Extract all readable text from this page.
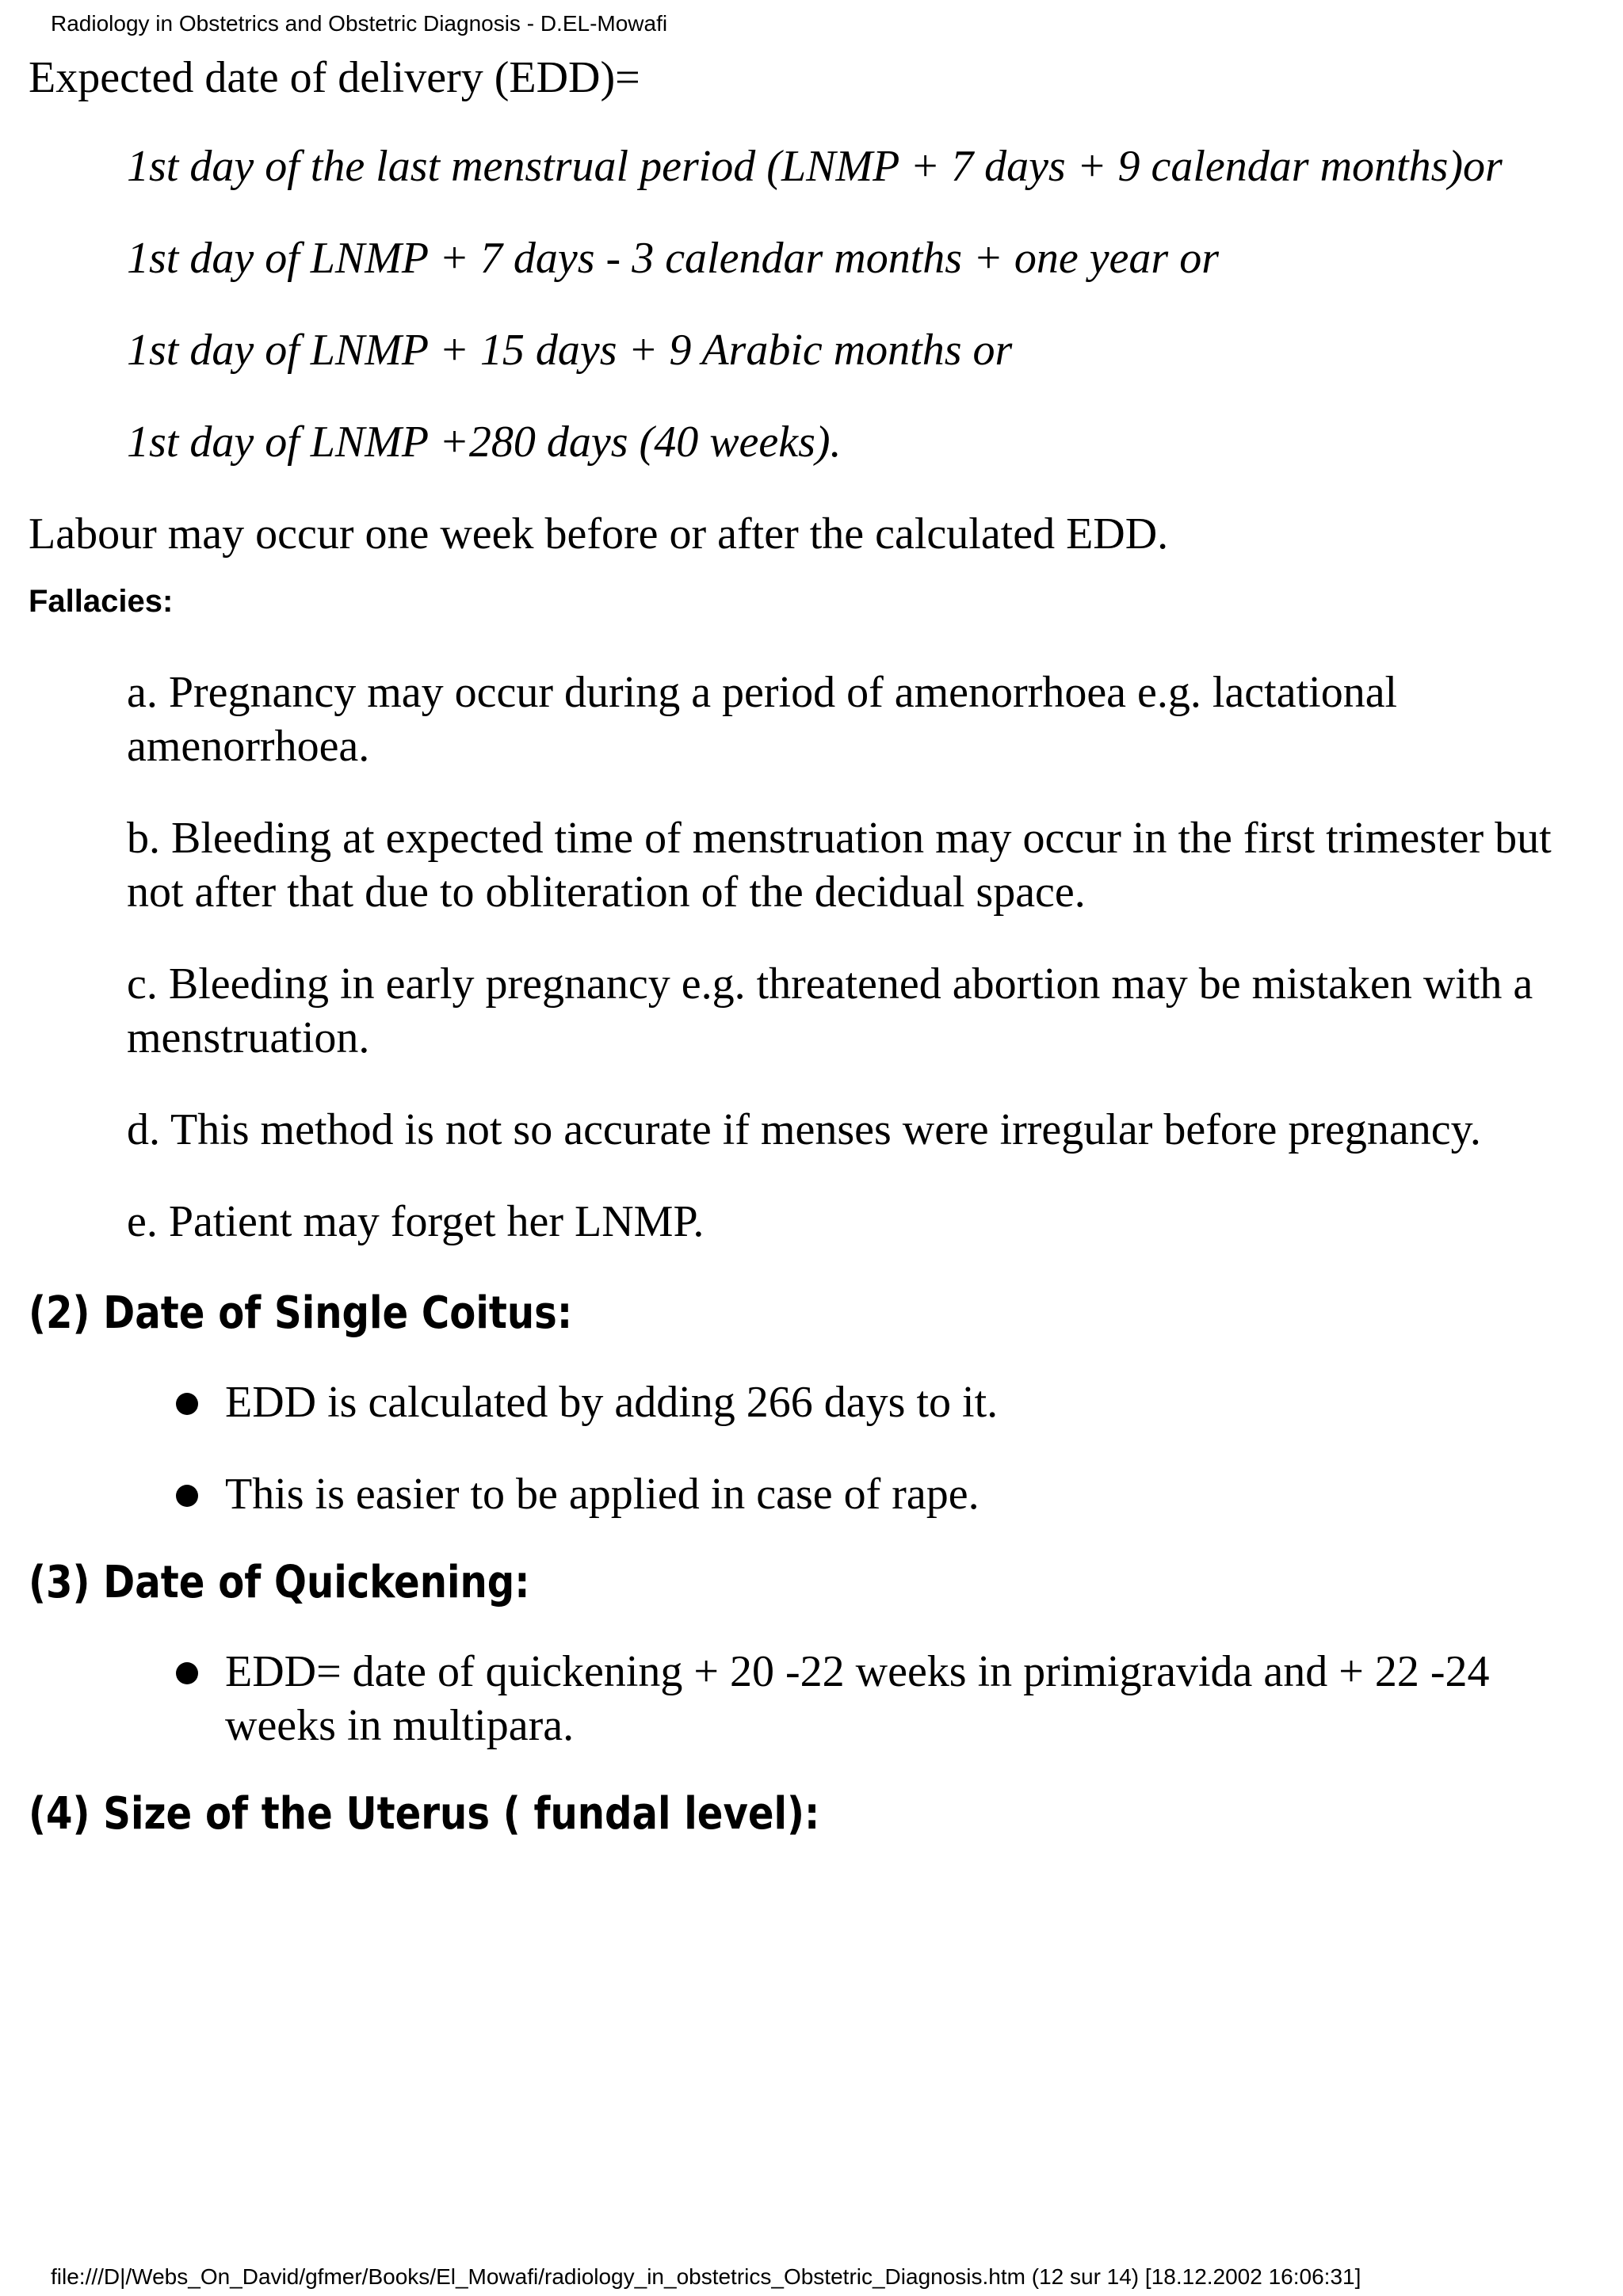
Radiology in Obstetrics and Obstetric Diagnosis - D.EL-Mowafi

Expected date of delivery (EDD)=

1st day of the last menstrual period (LNMP + 7 days + 9 calendar months)or

1st day of LNMP + 7 days - 3 calendar months + one year or

1st day of LNMP + 15 days + 9 Arabic months or

1st day of LNMP +280 days (40 weeks).

Labour may occur one week before or after the calculated EDD.

Fallacies:

a. Pregnancy may occur during a period of amenorrhoea e.g. lactational amenorrhoea.

b. Bleeding at expected time of menstruation may occur in the first trimester but not after that due to obliteration of the decidual space.

c. Bleeding in early pregnancy e.g. threatened abortion may be mistaken with a menstruation.

d. This method is not so accurate if menses were irregular before pregnancy.

e. Patient may forget her LNMP.

(2) Date of Single Coitus:
EDD is calculated by adding 266 days to it.
This is easier to be applied in case of rape.
(3) Date of Quickening:
EDD= date of quickening + 20 -22 weeks in primigravida and + 22 -24 weeks in multipara.
(4) Size of the Uterus ( fundal level):
file:///D|/Webs_On_David/gfmer/Books/El_Mowafi/radiology_in_obstetrics_Obstetric_Diagnosis.htm (12 sur 14) [18.12.2002 16:06:31]
